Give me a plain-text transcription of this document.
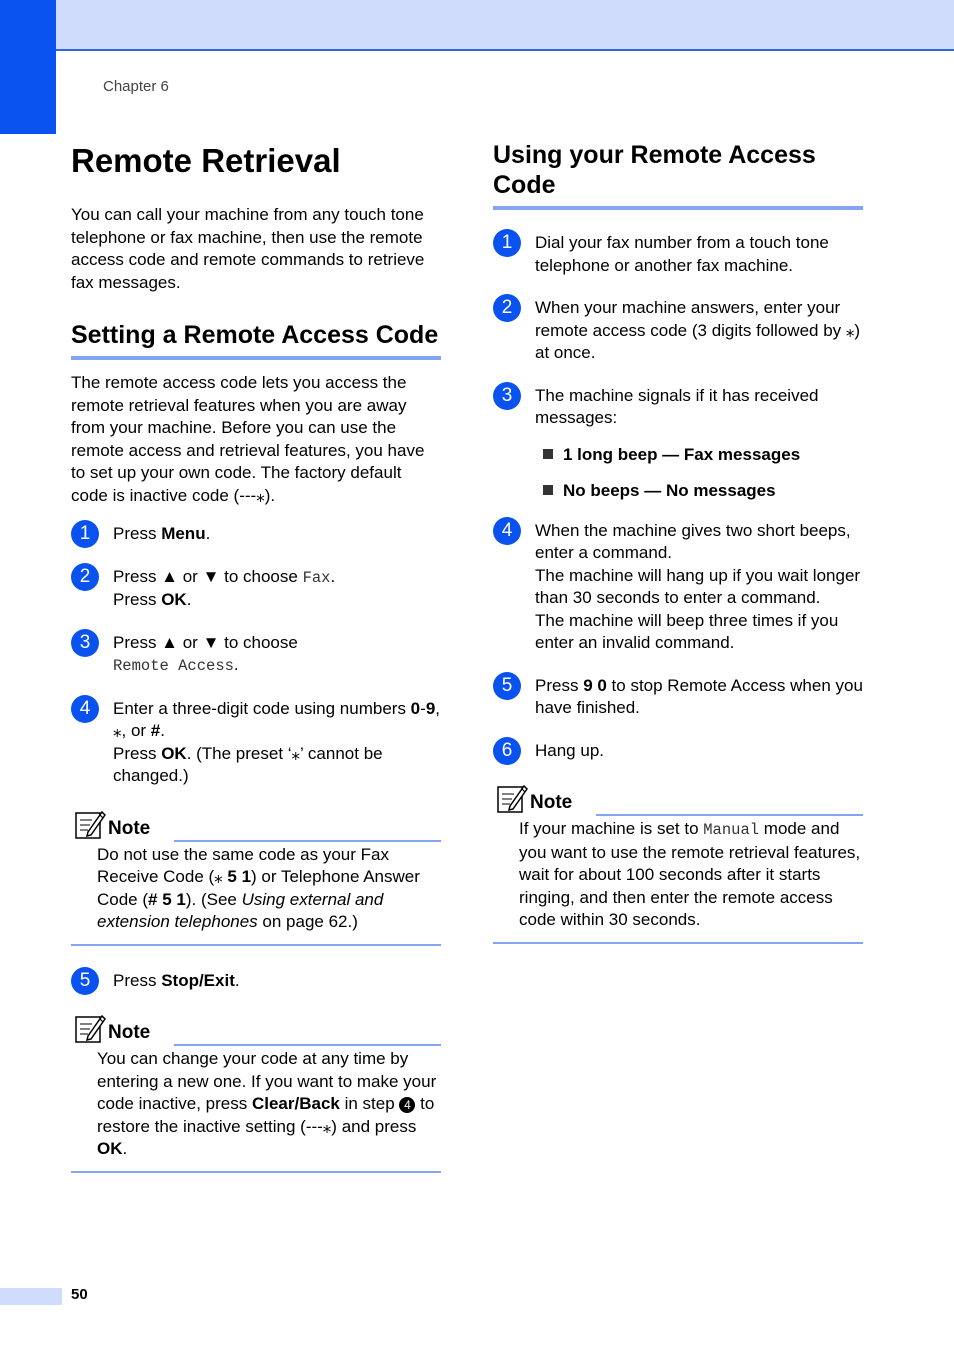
Chapter 6
Remote Retrieval

You can call your machine from any touch tone telephone or fax machine, then use the remote access code and remote commands to retrieve fax messages.

Setting a Remote Access Code

The remote access code lets you access the remote retrieval features when you are away from your machine. Before you can use the remote access and retrieval features, you have to set up your own code. The factory default code is inactive code (---⁎).

1	Press Menu.
2	Press ▲ or ▼ to choose Fax.
Press OK.
3	Press ▲ or ▼ to choose
Remote Access.
4	Enter a three-digit code using numbers 0-9, ⁎, or #.
Press OK. (The preset ‘⁎’ cannot be changed.)
Note
Do not use the same code as your Fax Receive Code (⁎ 5 1) or Telephone Answer Code (# 5 1). (See Using external and extension telephones on page 62.)
5	Press Stop/Exit.
Note
You can change your code at any time by entering a new one. If you want to make your code inactive, press Clear/Back in step 4 to restore the inactive setting (---⁎) and press OK.
Using your Remote Access Code
1	Dial your fax number from a touch tone telephone or another fax machine.
2	When your machine answers, enter your remote access code (3 digits followed by ⁎) at once.
3	The machine signals if it has received messages:
1 long beep — Fax messages
No beeps — No messages
4	When the machine gives two short beeps, enter a command.
The machine will hang up if you wait longer than 30 seconds to enter a command.
The machine will beep three times if you enter an invalid command.
5	Press 9 0 to stop Remote Access when you have finished.
6	Hang up.
Note
If your machine is set to Manual mode and you want to use the remote retrieval features, wait for about 100 seconds after it starts ringing, and then enter the remote access code within 30 seconds.
50
